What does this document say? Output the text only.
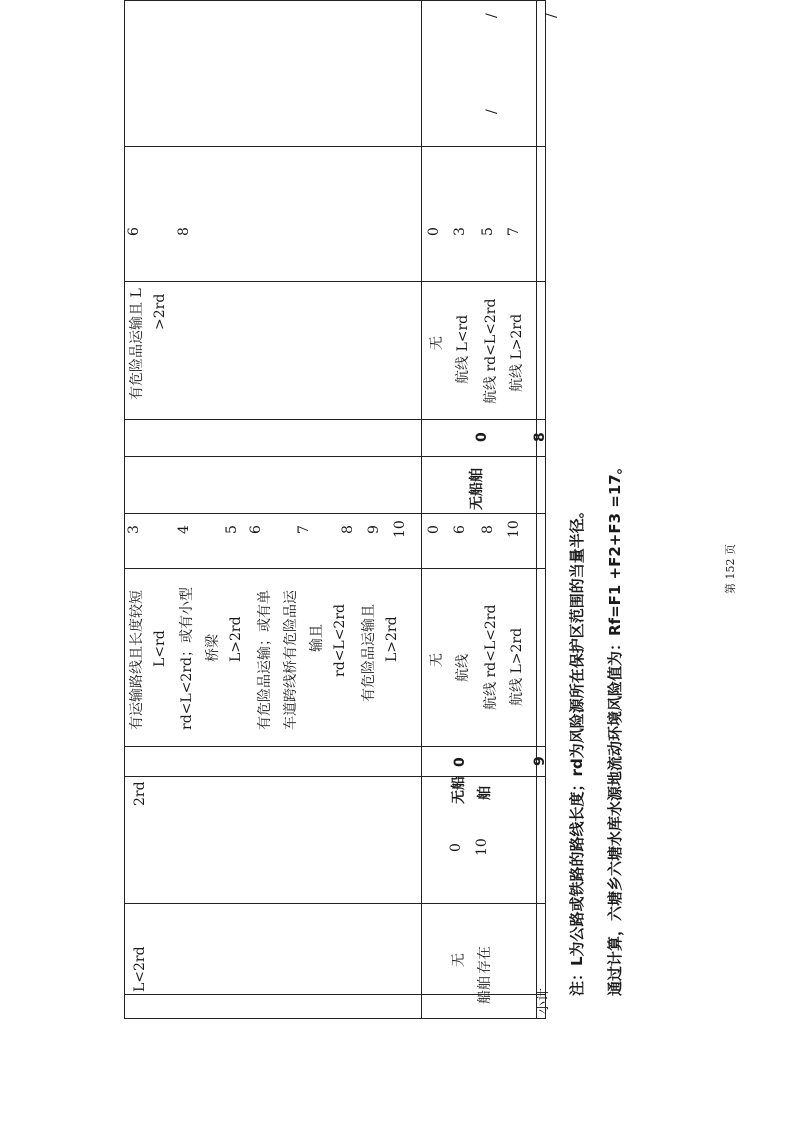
L<2rd
2rd
有运输路线且长度较短 L<rd rd<L<2rd；或有小型 桥梁 L>2rd 有危险品运输；或有单 车道跨线桥有危险品运 输且 rd<L<2rd 有危险品运输且 L>2rd
3 4 5 6 7 8 9 10
有危险品运输且 L >2rd
6 8
船舶
无 存在
0 10
无船 舶
0
无 航线 航线 rd<L<2rd 航线 L>2rd
0 6 8 10
无船舶
0
无 航线 L<rd 航线 rd<L<2rd 航线 L>2rd
0 3 5 7
小计
9
8
/
/	/
注：L为公路或铁路的路线长度；rd为风险源所在保护区范围的当量半径。 通过计算，六塘乡六塘水库水源地流动环境风险值为：Rf=F1 +F2+F3 =17。	第 152 页
